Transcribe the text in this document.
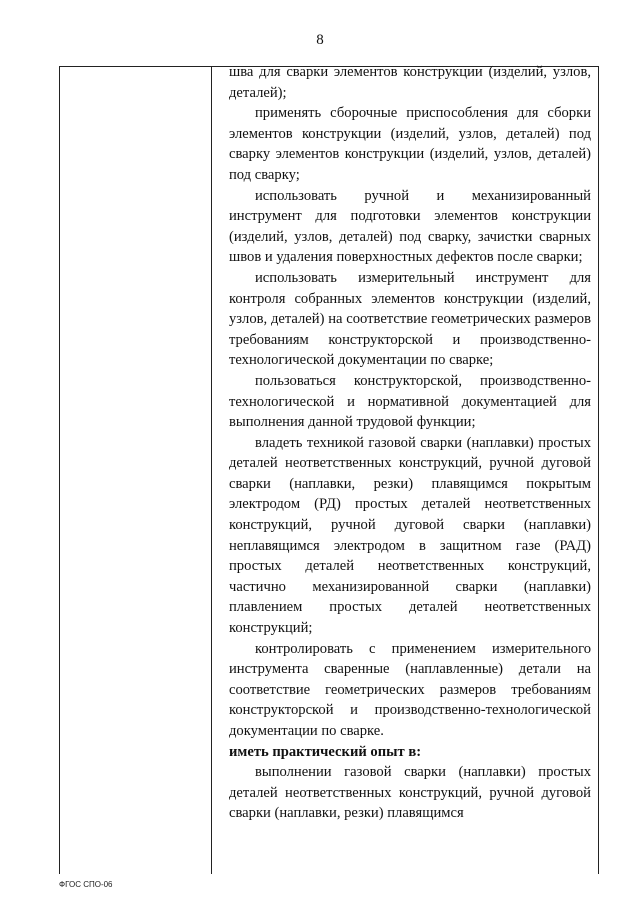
8

шва для сварки элементов конструкции (изделий, узлов, деталей);

применять сборочные приспособления для сборки элементов конструкции (изделий, узлов, деталей) под сварку элементов конструкции (изделий, узлов, деталей) под сварку;

использовать ручной и механизированный инструмент для подготовки элементов конструкции (изделий, узлов, деталей) под сварку, зачистки сварных швов и удаления поверхностных дефектов после сварки;

использовать измерительный инструмент для контроля собранных элементов конструкции (изделий, узлов, деталей) на соответствие геометрических размеров требованиям конструкторской и производственно-технологической документации по сварке;

пользоваться конструкторской, производственно-технологической и нормативной документацией для выполнения данной трудовой функции;

владеть техникой газовой сварки (наплавки) простых деталей неответственных конструкций, ручной дуговой сварки (наплавки, резки) плавящимся покрытым электродом (РД) простых деталей неответственных конструкций, ручной дуговой сварки (наплавки) неплавящимся электродом в защитном газе (РАД) простых деталей неответственных конструкций, частично механизированной сварки (наплавки) плавлением простых деталей неответственных конструкций;

контролировать с применением измерительного инструмента сваренные (наплавленные) детали на соответствие геометрических размеров требованиям конструкторской и производственно-технологической документации по сварке.

иметь практический опыт в:

выполнении газовой сварки (наплавки) простых деталей неответственных конструкций, ручной дуговой сварки (наплавки, резки) плавящимся

ФГОС СПО-06
